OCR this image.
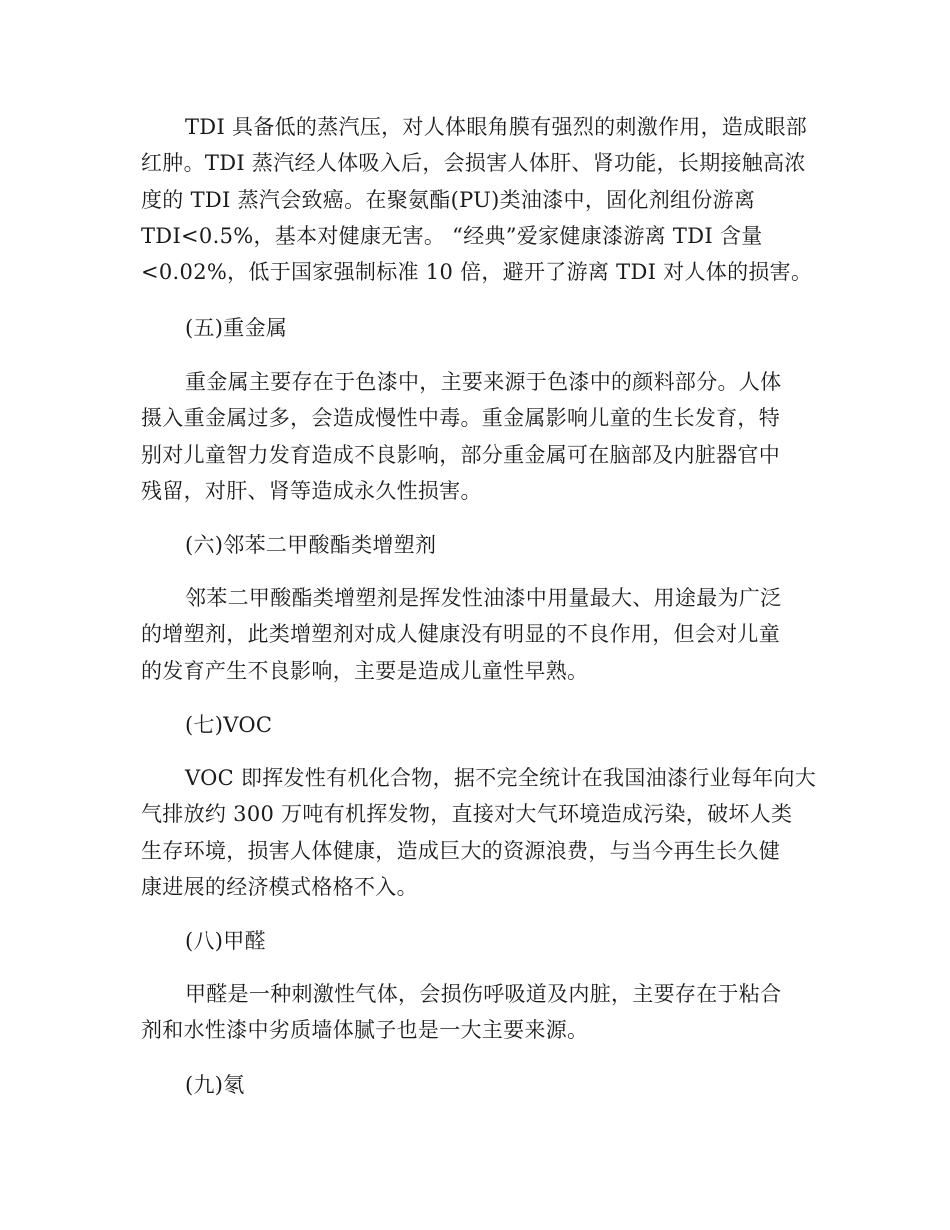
TDI 具备低的蒸汽压，对人体眼角膜有强烈的刺激作用，造成眼部
红肿。TDI 蒸汽经人体吸入后，会损害人体肝、肾功能，长期接触高浓
度的 TDI 蒸汽会致癌。在聚氨酯(PU)类油漆中，固化剂组份游离
TDI<0.5%，基本对健康无害。 “经典”爱家健康漆游离 TDI 含量
<0.02%，低于国家强制标准 10 倍，避开了游离 TDI 对人体的损害。
(五)重金属
重金属主要存在于色漆中，主要来源于色漆中的颜料部分。人体
摄入重金属过多，会造成慢性中毒。重金属影响儿童的生长发育，特
别对儿童智力发育造成不良影响，部分重金属可在脑部及内脏器官中
残留，对肝、肾等造成永久性损害。
(六)邻苯二甲酸酯类增塑剂
邻苯二甲酸酯类增塑剂是挥发性油漆中用量最大、用途最为广泛
的增塑剂，此类增塑剂对成人健康没有明显的不良作用，但会对儿童
的发育产生不良影响，主要是造成儿童性早熟。
(七)VOC
VOC 即挥发性有机化合物，据不完全统计在我国油漆行业每年向大
气排放约 300 万吨有机挥发物，直接对大气环境造成污染，破坏人类
生存环境，损害人体健康，造成巨大的资源浪费，与当今再生长久健
康进展的经济模式格格不入。
(八)甲醛
甲醛是一种刺激性气体，会损伤呼吸道及内脏，主要存在于粘合
剂和水性漆中劣质墙体腻子也是一大主要来源。
(九)氡
